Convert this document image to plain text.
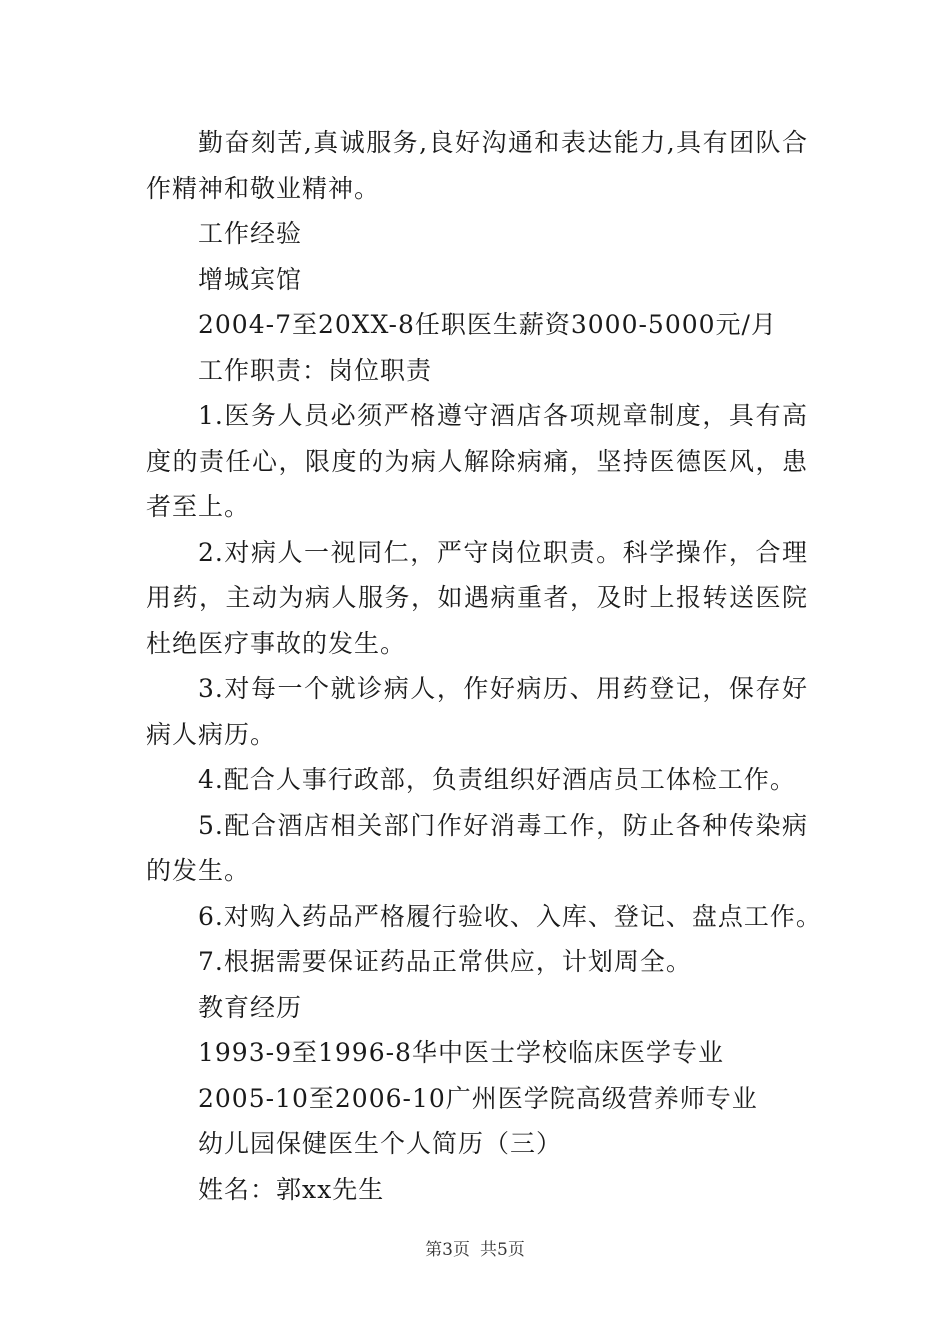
勤奋刻苦,真诚服务,良好沟通和表达能力,具有团队合
作精神和敬业精神。
工作经验
增城宾馆
2004-7至20XX-8任职医生薪资3000-5000元/月
工作职责：岗位职责
1.医务人员必须严格遵守酒店各项规章制度，具有高
度的责任心，限度的为病人解除病痛，坚持医德医风，患
者至上。
2.对病人一视同仁，严守岗位职责。科学操作，合理
用药，主动为病人服务，如遇病重者，及时上报转送医院
杜绝医疗事故的发生。
3.对每一个就诊病人，作好病历、用药登记，保存好
病人病历。
4.配合人事行政部，负责组织好酒店员工体检工作。
5.配合酒店相关部门作好消毒工作，防止各种传染病
的发生。
6.对购入药品严格履行验收、入库、登记、盘点工作。
7.根据需要保证药品正常供应，计划周全。
教育经历
1993-9至1996-8华中医士学校临床医学专业
2005-10至2006-10广州医学院高级营养师专业
幼儿园保健医生个人简历（三）
姓名：郭xx先生
第3页 共5页
